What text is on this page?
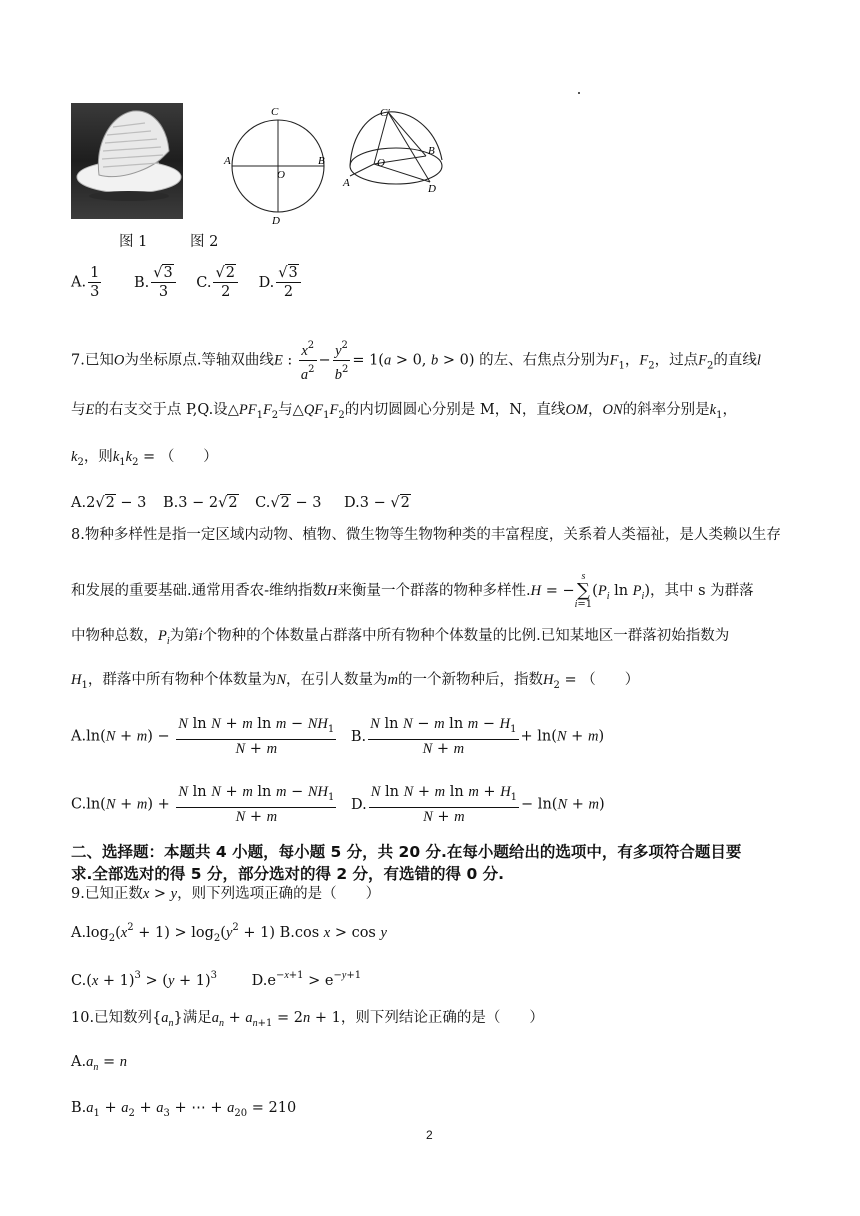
C
A
O
B
D
C′
A
O
B
D
图 1	图 2
A. $\frac{1}{3} B$. $\frac{√3}{3} C$. $\frac{√2}{2} D$. $\frac{√3}{2}$
7.已知O为坐标原点.等轴双曲线E : $\frac{x^2}{a^2} - \frac{y^2}{b^2} = 1(a > 0$, b > 0) 的左、右焦点分别为$F_1$，$F_2$，过点$F_2$的直线l
与E的右支交于点 P,Q.设$\triangle PF_1F_2$与$\triangle QF_1F_2$的内切圆圆心分别是 M，N，直线OM，ON的斜率分别是$k_1$，
$k_2$，则$k_1k_2$ = （　　）
A.2√2 − 3 B.3 − 2√2 C.√2 − 3 D.3 − √2
8.物种多样性是指一定区域内动物、植物、微生物等生物物种类的丰富程度，关系着人类福祉，是人类赖以生存
和发展的重要基础.通常用香农-维纳指数H来衡量一个群落的物种多样性.H = −
s
∑
i=1
($P_i$ $\ln P_i$)，其中 s 为群落
中物种总数，$P_i$为第i个物种的个体数量占群落中所有物种个体数量的比例.已知某地区一群落初始指数为
$H_1$，群落中所有物种个体数量为N，在引人数量为m的一个新物种后，指数$H_2$ = （　　）
$A.\ln(N + m) - \frac{N \ln N + m \ln m - NH_1}{N + m} B$. $\frac{N \ln N - m \ln m - H_1}{N + m} + \ln(N + m)$
$C.\ln(N + m) + \frac{N \ln N + m \ln m - NH_1}{N + m} D$. $\frac{N \ln N + m \ln m + H_1}{N + m} - \ln(N + m)$
二、选择题：本题共 4 小题，每小题 5 分，共 20 分.在每小题给出的选项中，有多项符合题目要
求.全部选对的得 5 分，部分选对的得 2 分，有选错的得 0 分.
9.已知正数x > y，则下列选项正确的是（　　）
$A.\log_2(x^2 + 1) > \log_2(y^2 + 1)$ B.cos x > cos y
$C.(x + 1)^3 > (y + 1)^3$ $D.e^{-x+1} > e^{-y+1}$
10.已知数列$\{a_n\}$满足$a_n + a_{n+1} = 2n + 1$，则下列结论正确的是（　　）
$A.a_n = n$
$B.a_1 + a_2 + a_3$ + ⋯ + $a_{20} = 210$
2
